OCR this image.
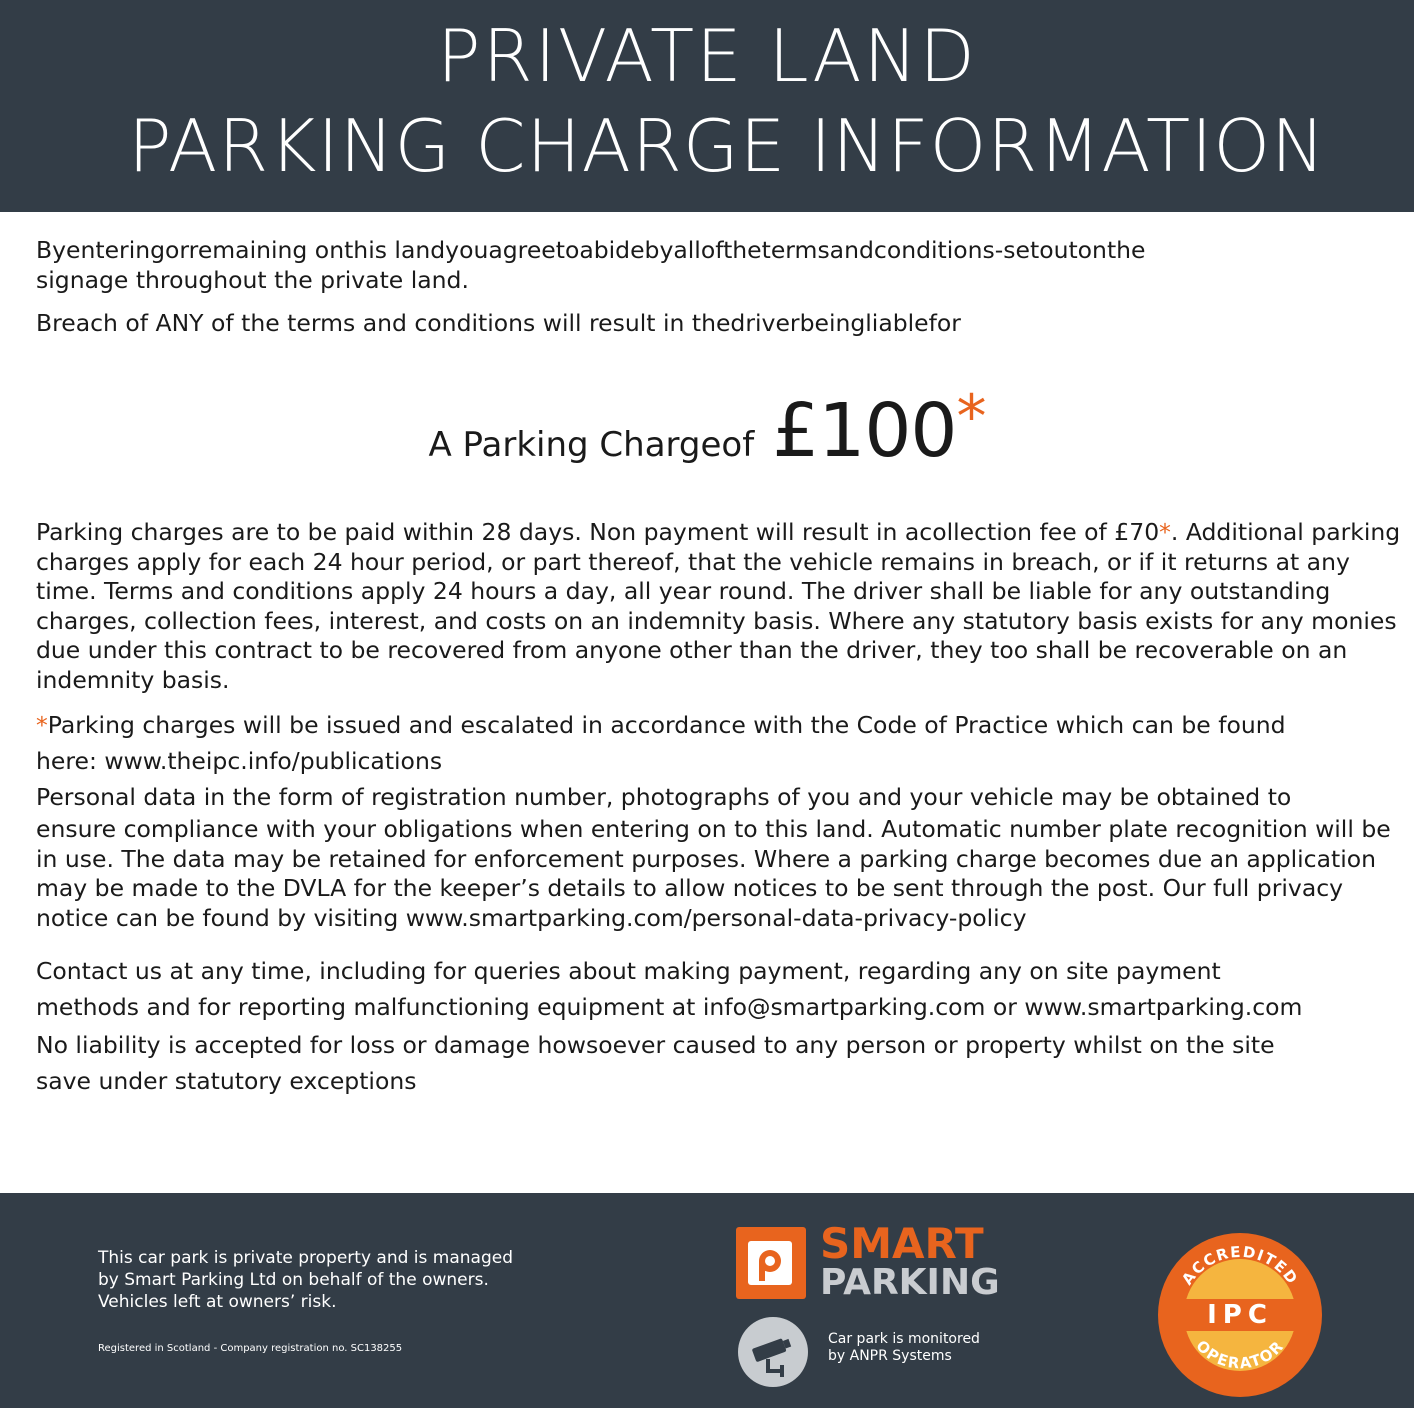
PRIVATE LAND
PARKING CHARGE INFORMATION

Byenteringorremaining onthis landyouagreetoabidebyallofthetermsandconditions-setoutonthe signage throughout the private land.

Breach of ANY of the terms and conditions will result in thedriverbeingliablefor

A Parking Chargeof £100*

Parking charges are to be paid within 28 days. Non payment will result in acollection fee of £70*. Additional parking charges apply for each 24 hour period, or part thereof, that the vehicle remains in breach, or if it returns at any time. Terms and conditions apply 24 hours a day, all year round. The driver shall be liable for any outstanding charges, collection fees, interest, and costs on an indemnity basis. Where any statutory basis exists for any monies due under this contract to be recovered from anyone other than the driver, they too shall be recoverable on an indemnity basis.

*Parking charges will be issued and escalated in accordance with the Code of Practice which can be found
here: www.theipc.info/publications

Personal data in the form of registration number, photographs of you and your vehicle may be obtained to
ensure compliance with your obligations when entering on to this land. Automatic number plate recognition will be in use. The data may be retained for enforcement purposes. Where a parking charge becomes due an application may be made to the DVLA for the keeper’s details to allow notices to be sent through the post. Our full privacy notice can be found by visiting www.smartparking.com/personal-data-privacy-policy

Contact us at any time, including for queries about making payment, regarding any on site payment
methods and for reporting malfunctioning equipment at info@smartparking.com or www.smartparking.com

No liability is accepted for loss or damage howsoever caused to any person or property whilst on the site
save under statutory exceptions

This car park is private property and is managed
by Smart Parking Ltd on behalf of the owners.
Vehicles left at owners’ risk.
Registered in Scotland - Company registration no. SC138255
SMART
PARKING
Car park is monitored
by ANPR Systems
ACCREDITED
OPERATOR
IPC
